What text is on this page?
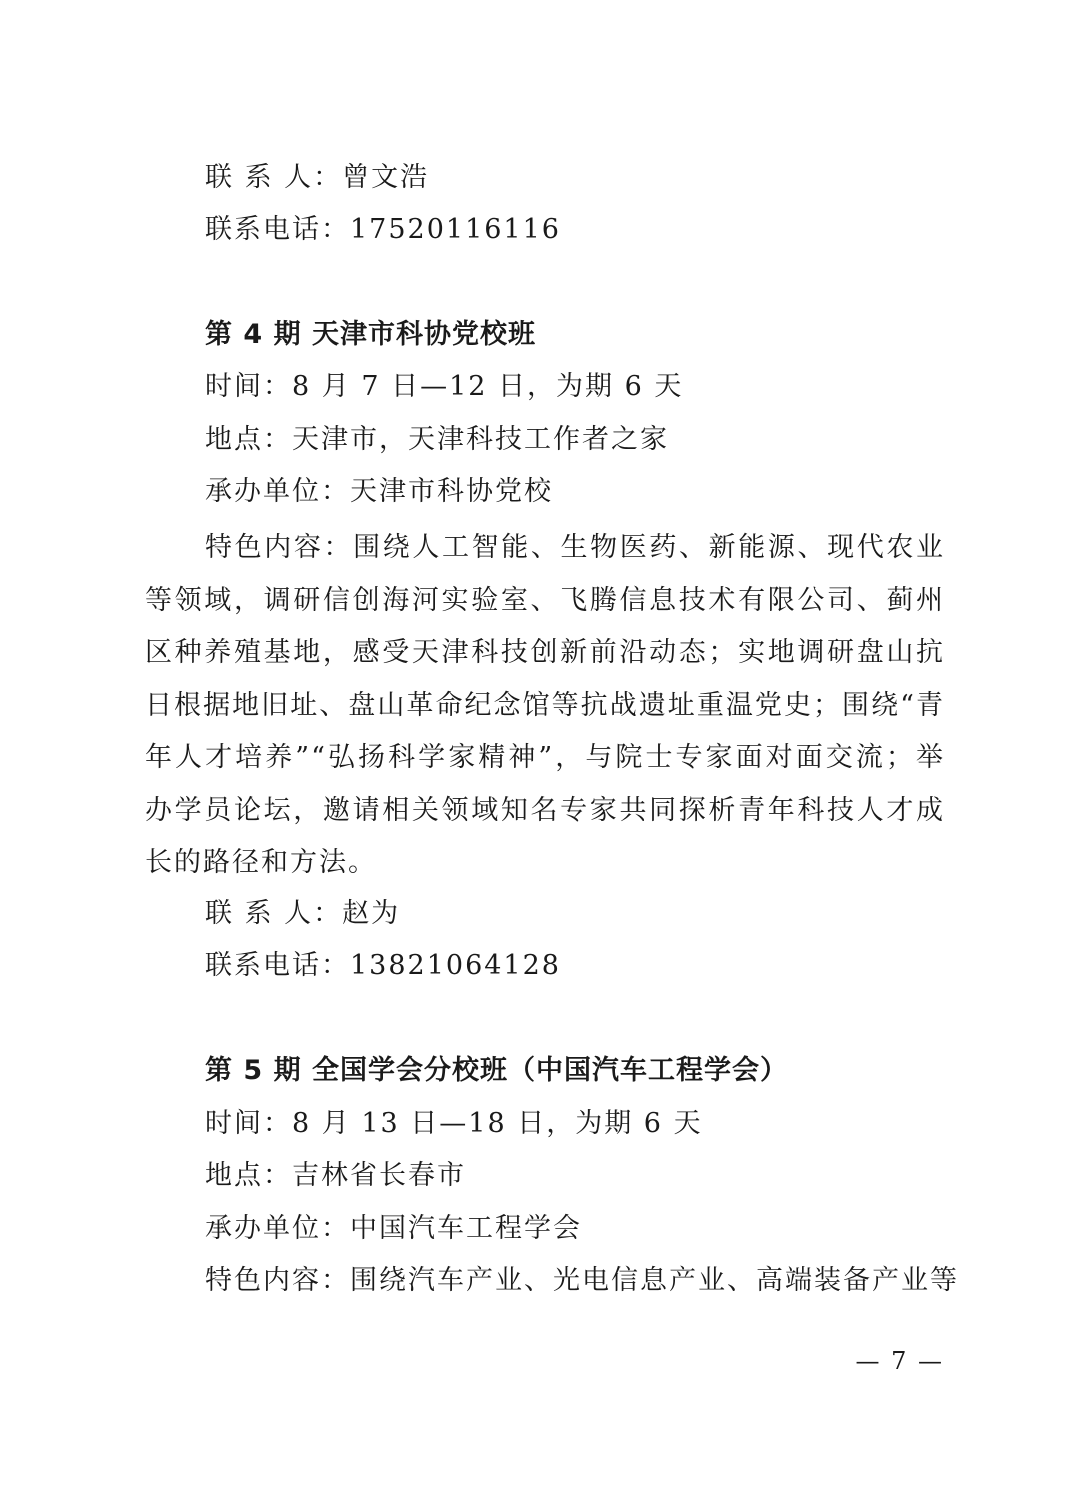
联 系 人：曾文浩
联系电话：17520116116
第 4 期 天津市科协党校班
时间：8 月 7 日—12 日，为期 6 天
地点：天津市，天津科技工作者之家
承办单位：天津市科协党校
特色内容：围绕人工智能、生物医药、新能源、现代农业等领域，调研信创海河实验室、飞腾信息技术有限公司、蓟州区种养殖基地，感受天津科技创新前沿动态；实地调研盘山抗日根据地旧址、盘山革命纪念馆等抗战遗址重温党史；围绕“青年人才培养”“弘扬科学家精神”，与院士专家面对面交流；举办学员论坛，邀请相关领域知名专家共同探析青年科技人才成长的路径和方法。
联 系 人：赵为
联系电话：13821064128
第 5 期 全国学会分校班（中国汽车工程学会）
时间：8 月 13 日—18 日，为期 6 天
地点：吉林省长春市
承办单位：中国汽车工程学会
特色内容：围绕汽车产业、光电信息产业、高端装备产业等
— 7 —
